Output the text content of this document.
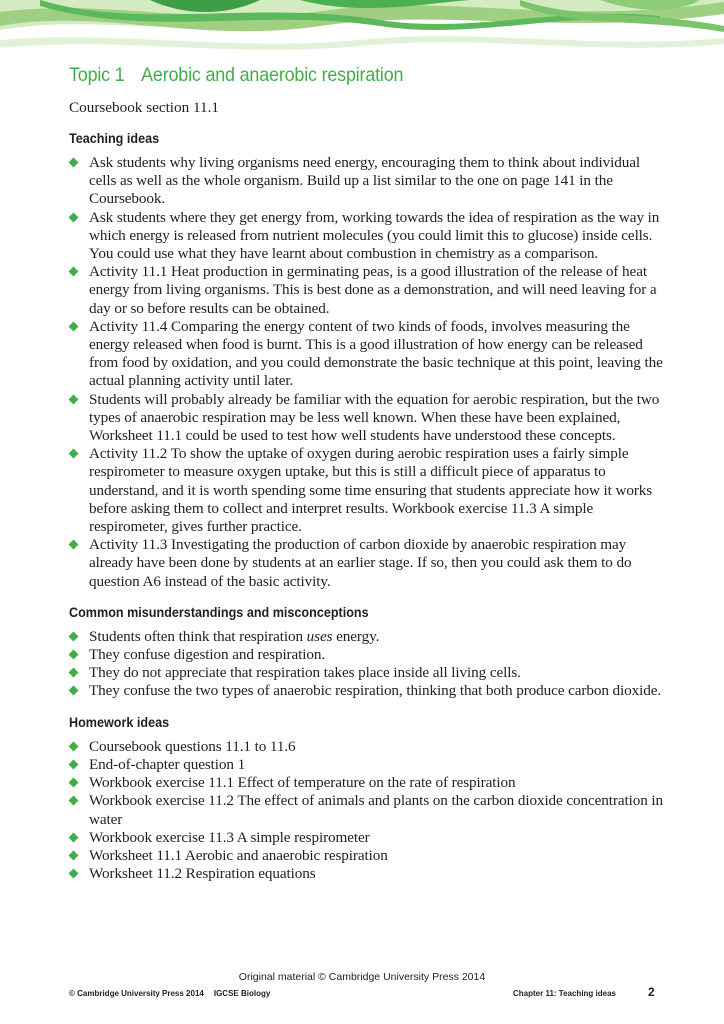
Topic 1 Aerobic and anaerobic respiration
Coursebook section 11.1
Teaching ideas
Ask students why living organisms need energy, encouraging them to think about individual cells as well as the whole organism. Build up a list similar to the one on page 141 in the Coursebook.
Ask students where they get energy from, working towards the idea of respiration as the way in which energy is released from nutrient molecules (you could limit this to glucose) inside cells. You could use what they have learnt about combustion in chemistry as a comparison.
Activity 11.1 Heat production in germinating peas, is a good illustration of the release of heat energy from living organisms. This is best done as a demonstration, and will need leaving for a day or so before results can be obtained.
Activity 11.4 Comparing the energy content of two kinds of foods, involves measuring the energy released when food is burnt. This is a good illustration of how energy can be released from food by oxidation, and you could demonstrate the basic technique at this point, leaving the actual planning activity until later.
Students will probably already be familiar with the equation for aerobic respiration, but the two types of anaerobic respiration may be less well known. When these have been explained, Worksheet 11.1 could be used to test how well students have understood these concepts.
Activity 11.2 To show the uptake of oxygen during aerobic respiration uses a fairly simple respirometer to measure oxygen uptake, but this is still a difficult piece of apparatus to understand, and it is worth spending some time ensuring that students appreciate how it works before asking them to collect and interpret results. Workbook exercise 11.3 A simple respirometer, gives further practice.
Activity 11.3 Investigating the production of carbon dioxide by anaerobic respiration may already have been done by students at an earlier stage. If so, then you could ask them to do question A6 instead of the basic activity.
Common misunderstandings and misconceptions
Students often think that respiration uses energy.
They confuse digestion and respiration.
They do not appreciate that respiration takes place inside all living cells.
They confuse the two types of anaerobic respiration, thinking that both produce carbon dioxide.
Homework ideas
Coursebook questions 11.1 to 11.6
End-of-chapter question 1
Workbook exercise 11.1 Effect of temperature on the rate of respiration
Workbook exercise 11.2 The effect of animals and plants on the carbon dioxide concentration in water
Workbook exercise 11.3 A simple respirometer
Worksheet 11.1 Aerobic and anaerobic respiration
Worksheet 11.2 Respiration equations
Original material © Cambridge University Press 2014
© Cambridge University Press 2014 IGCSE Biology	Chapter 11: Teaching ideas	2
